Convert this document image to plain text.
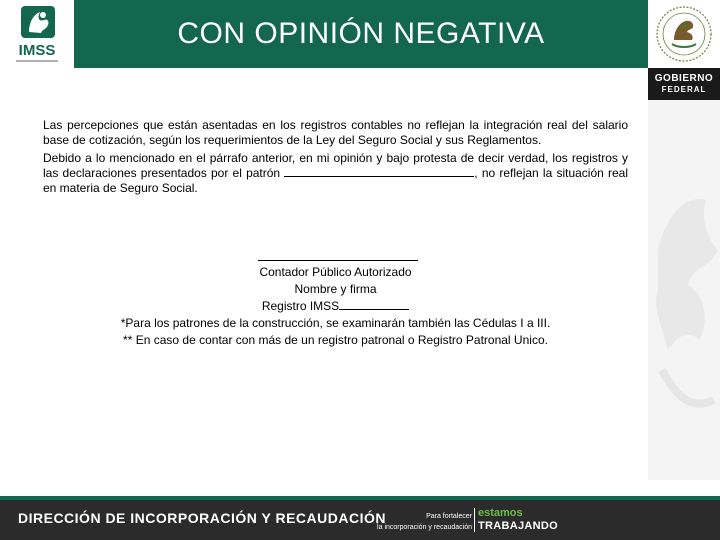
IMSS
CON OPINIÓN NEGATIVA
GOBIERNO
FEDERAL

Las percepciones que están asentadas en los registros contables no reflejan la integración real del salario base de cotización, según los requerimientos de la Ley del Seguro Social y sus Reglamentos.

Debido a lo mencionado en el párrafo anterior, en mi opinión y bajo protesta de decir verdad, los registros y las declaraciones presentados por el patrón	, no reflejan la situación real en materia de Seguro Social.

Contador Público Autorizado
Nombre y firma
Registro IMSS
*Para los patrones de la construcción, se examinarán también las Cédulas I a III.
** En caso de contar con más de un registro patronal o Registro Patronal Unico.
DIRECCIÓN DE INCORPORACIÓN Y RECAUDACIÓN	Para fortalecer
la incorporación y recaudación
estamos
TRABAJANDO
